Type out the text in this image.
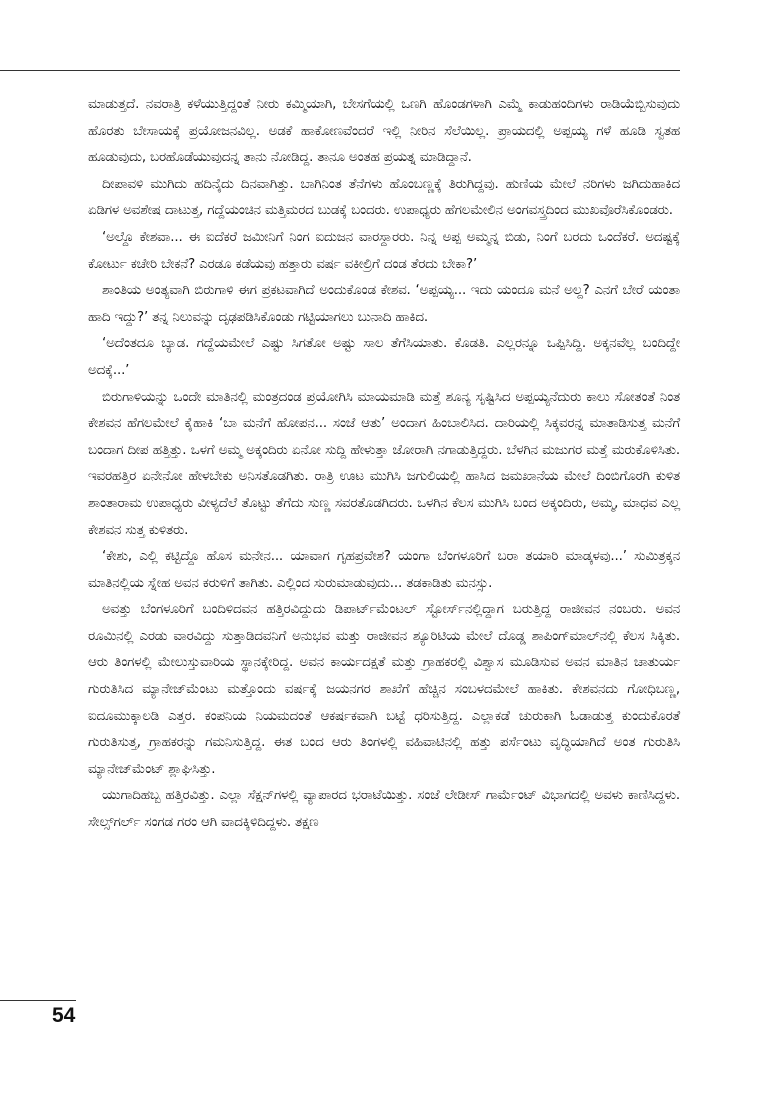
ಮಾಡುತ್ತದೆ. ನವರಾತ್ರಿ ಕಳೆಯುತ್ತಿದ್ದಂತೆ ನೀರು ಕಮ್ಮಿಯಾಗಿ, ಬೇಸಗೆಯಲ್ಲಿ ಒಣಗಿ ಹೊಂಡಗಳಾಗಿ ಎಮ್ಮೆ ಕಾಡುಹಂದಿಗಳು ರಾಡಿಯೆಬ್ಬಿಸುವುದು ಹೊರತು ಬೇಸಾಯಕ್ಕೆ ಪ್ರಯೋಜನವಿಲ್ಲ. ಅಡಕೆ ಹಾಕೋಣವೆಂದರೆ ಇಲ್ಲಿ ನೀರಿನ ಸೆಲೆಯಿಲ್ಲ. ಪ್ರಾಯದಲ್ಲಿ ಅಪ್ಪಯ್ಯ ಗಳೆ ಹೂಡಿ ಸ್ವತಹ ಹೂಡುವುದು, ಬರಹೊಡೆಯುವುದನ್ನ ತಾನು ನೋಡಿದ್ದ. ತಾನೂ ಅಂತಹ ಪ್ರಯತ್ನ ಮಾಡಿದ್ದಾನೆ.

ದೀಪಾವಳಿ ಮುಗಿದು ಹದಿನೈದು ದಿನವಾಗಿತ್ತು. ಬಾಗಿನಿಂತ ತೆನೆಗಳು ಹೊಂಬಣ್ಣಕ್ಕೆ ತಿರುಗಿದ್ದವು. ಹುಣಿಯ ಮೇಲೆ ನರಿಗಳು ಜಗಿದುಹಾಕಿದ ಏಡಿಗಳ ಅವಶೇಷ ದಾಟುತ್ತ, ಗದ್ದೆಯಂಚಿನ ಮತ್ತಿಮರದ ಬುಡಕ್ಕೆ ಬಂದರು. ಉಪಾಧ್ಯರು ಹೆಗಲಮೇಲಿನ ಅಂಗವಸ್ತ್ರದಿಂದ ಮುಖವೊರೆಸಿಕೊಂಡರು.

‘ಅಲ್ದೊ ಕೇಶವಾ... ಈ ಐದೆಕರೆ ಜಮೀನಿಗೆ ನಿಂಗ ಐದುಜನ ವಾರಸ್ದಾರರು. ನಿನ್ನ ಅಪ್ಪ ಅಮ್ಮನ್ನ ಬಿಡು, ನಿಂಗೆ ಬರದು ಒಂದೆಕರೆ. ಅದಷ್ಟಕ್ಕೆ ಕೋರ್ಟು ಕಚೇರಿ ಬೇಕನೆ? ಎರಡೂ ಕಡೆಯವು ಹತ್ತಾರು ವರ್ಷ ವಕೀಲ್ರಿಗೆ ದಂಡ ತೆರದು ಬೇಕಾ?’

ಶಾಂತಿಯ ಅಂತ್ಯವಾಗಿ ಬಿರುಗಾಳಿ ಈಗ ಪ್ರಕಟವಾಗಿದೆ ಅಂದುಕೊಂಡ ಕೇಶವ. ‘ಅಪ್ಪಯ್ಯ... ಇದು ಯಂದೂ ಮನೆ ಅಲ್ದ? ಎನಗೆ ಬೇರೆ ಯಂತಾ ಹಾದಿ ಇದ್ದು?’ ತನ್ನ ನಿಲುವನ್ನು ದೃಢಪಡಿಸಿಕೊಂಡು ಗಟ್ಟಿಯಾಗಲು ಬುನಾದಿ ಹಾಕಿದ.

‘ಅದೆಂತದೂ ಬ್ಯಾಡ. ಗದ್ದೆಯಮೇಲೆ ಎಷ್ಟು ಸಿಗತೋ ಅಷ್ಟು ಸಾಲ ತೆಗೆಸಿಯಾತು. ಕೊಡತಿ. ಎಲ್ಲರನ್ನೂ ಒಪ್ಪಿಸಿದ್ದಿ. ಅಕ್ಕನವೆಲ್ಲ ಬಂದಿದ್ದೇ ಅದಕ್ಕೆ...’

ಬಿರುಗಾಳಿಯನ್ನು ಒಂದೇ ಮಾತಿನಲ್ಲಿ ಮಂತ್ರದಂಡ ಪ್ರಯೋಗಿಸಿ ಮಾಯಮಾಡಿ ಮತ್ತೆ ಶೂನ್ಯ ಸೃಷ್ಟಿಸಿದ ಅಪ್ಪಯ್ಯನೆದುರು ಕಾಲು ಸೋತಂತೆ ನಿಂತ ಕೇಶವನ ಹೆಗಲಮೇಲೆ ಕೈಹಾಕಿ ‘ಬಾ ಮನೆಗೆ ಹೋಪನ... ಸಂಜೆ ಆತು’ ಅಂದಾಗ ಹಿಂಬಾಲಿಸಿದ. ದಾರಿಯಲ್ಲಿ ಸಿಕ್ಕವರನ್ನ ಮಾತಾಡಿಸುತ್ತ ಮನೆಗೆ ಬಂದಾಗ ದೀಪ ಹತ್ತಿತ್ತು. ಒಳಗೆ ಅಮ್ಮ ಅಕ್ಕಂದಿರು ಏನೋ ಸುದ್ದಿ ಹೇಳುತ್ತಾ ಜೋರಾಗಿ ನಗಾಡುತ್ತಿದ್ದರು. ಬೆಳಗಿನ ಮಜುಗರ ಮತ್ತೆ ಮರುಕೊಳಿಸಿತು. ಇವರಹತ್ತಿರ ಏನೇನೋ ಹೇಳಬೇಕು ಅನಿಸತೊಡಗಿತು. ರಾತ್ರಿ ಊಟ ಮುಗಿಸಿ ಜಗುಲಿಯಲ್ಲಿ ಹಾಸಿದ ಜಮಖಾನೆಯ ಮೇಲೆ ದಿಂಬಿಗೊರಗಿ ಕುಳಿತ ಶಾಂತಾರಾಮ ಉಪಾಧ್ಯರು ವೀಳ್ಯದೆಲೆ ತೊಟ್ಟು ತೆಗೆದು ಸುಣ್ಣ ಸವರತೊಡಗಿದರು. ಒಳಗಿನ ಕೆಲಸ ಮುಗಿಸಿ ಬಂದ ಅಕ್ಕಂದಿರು, ಅಮ್ಮ, ಮಾಧವ ಎಲ್ಲ ಕೇಶವನ ಸುತ್ತ ಕುಳಿತರು.

‘ಕೇಶು, ಎಲ್ಲಿ ಕಟ್ಟಿದ್ದೊ ಹೊಸ ಮನೇನ... ಯಾವಾಗ ಗೃಹಪ್ರವೇಶ? ಯಂಗಾ ಬೆಂಗಳೂರಿಗೆ ಬರಾ ತಯಾರಿ ಮಾಡ್ಕಳವು...’ ಸುಮಿತ್ರಕ್ಕನ ಮಾತಿನಲ್ಲಿಯ ಸ್ನೇಹ ಅವನ ಕರುಳಿಗೆ ತಾಗಿತು. ಎಲ್ಲಿಂದ ಸುರುಮಾಡುವುದು... ತಡಕಾಡಿತು ಮನಸ್ಸು.

ಅವತ್ತು ಬೆಂಗಳೂರಿಗೆ ಬಂದಿಳಿದವನ ಹತ್ತಿರವಿದ್ದುದು ಡಿಪಾರ್ಟ್‌ಮೆಂಟಲ್ ಸ್ಟೋರ್ಸ್‌ನಲ್ಲಿದ್ದಾಗ ಬರುತ್ತಿದ್ದ ರಾಜೀವನ ನಂಬರು. ಅವನ ರೂಮಿನಲ್ಲಿ ಎರಡು ವಾರವಿದ್ದು ಸುತ್ತಾಡಿದವನಿಗೆ ಅನುಭವ ಮತ್ತು ರಾಜೀವನ ಶ್ಯೂರಿಟಿಯ ಮೇಲೆ ದೊಡ್ಡ ಶಾಪಿಂಗ್‌ಮಾಲ್‌ನಲ್ಲಿ ಕೆಲಸ ಸಿಕ್ಕಿತು. ಆರು ತಿಂಗಳಲ್ಲಿ ಮೇಲುಸ್ತುವಾರಿಯ ಸ್ಥಾನಕ್ಕೇರಿದ್ದ. ಅವನ ಕಾರ್ಯದಕ್ಷತೆ ಮತ್ತು ಗ್ರಾಹಕರಲ್ಲಿ ವಿಶ್ವಾಸ ಮೂಡಿಸುವ ಅವನ ಮಾತಿನ ಚಾತುರ್ಯ ಗುರುತಿಸಿದ ಮ್ಯಾನೇಜ್‌ಮೆಂಟು ಮತ್ತೊಂದು ವರ್ಷಕ್ಕೆ ಜಯನಗರ ಶಾಖೆಗೆ ಹೆಚ್ಚಿನ ಸಂಬಳದಮೇಲೆ ಹಾಕಿತು. ಕೇಶವನದು ಗೋಧಿಬಣ್ಣ, ಐದೂಮುಕ್ಕಾಲಡಿ ಎತ್ತರ. ಕಂಪನಿಯ ನಿಯಮದಂತೆ ಆಕರ್ಷಕವಾಗಿ ಬಟ್ಟೆ ಧರಿಸುತ್ತಿದ್ದ. ಎಲ್ಲಾಕಡೆ ಚುರುಕಾಗಿ ಓಡಾಡುತ್ತ ಕುಂದುಕೊರತೆ ಗುರುತಿಸುತ್ತ, ಗ್ರಾಹಕರನ್ನು ಗಮನಿಸುತ್ತಿದ್ದ. ಈತ ಬಂದ ಆರು ತಿಂಗಳಲ್ಲಿ ವಹಿವಾಟಿನಲ್ಲಿ ಹತ್ತು ಪರ್ಸೆಂಟು ವೃದ್ಧಿಯಾಗಿದೆ ಅಂತ ಗುರುತಿಸಿ ಮ್ಯಾನೇಜ್‌ಮೆಂಟ್ ಶ್ಲಾಘಿಸಿತ್ತು.

ಯುಗಾದಿಹಬ್ಬ ಹತ್ತಿರವಿತ್ತು. ಎಲ್ಲಾ ಸೆಕ್ಷನ್‌ಗಳಲ್ಲಿ ವ್ಯಾಪಾರದ ಭರಾಟೆಯಿತ್ತು. ಸಂಜೆ ಲೇಡೀಸ್ ಗಾರ್ಮೆಂಟ್ ವಿಭಾಗದಲ್ಲಿ ಅವಳು ಕಾಣಿಸಿದ್ದಳು. ಸೇಲ್ಸ್‌ಗರ್ಲ್ ಸಂಗಡ ಗರಂ ಆಗಿ ವಾದಕ್ಕಿಳಿದಿದ್ದಳು. ತಕ್ಷಣ

54
